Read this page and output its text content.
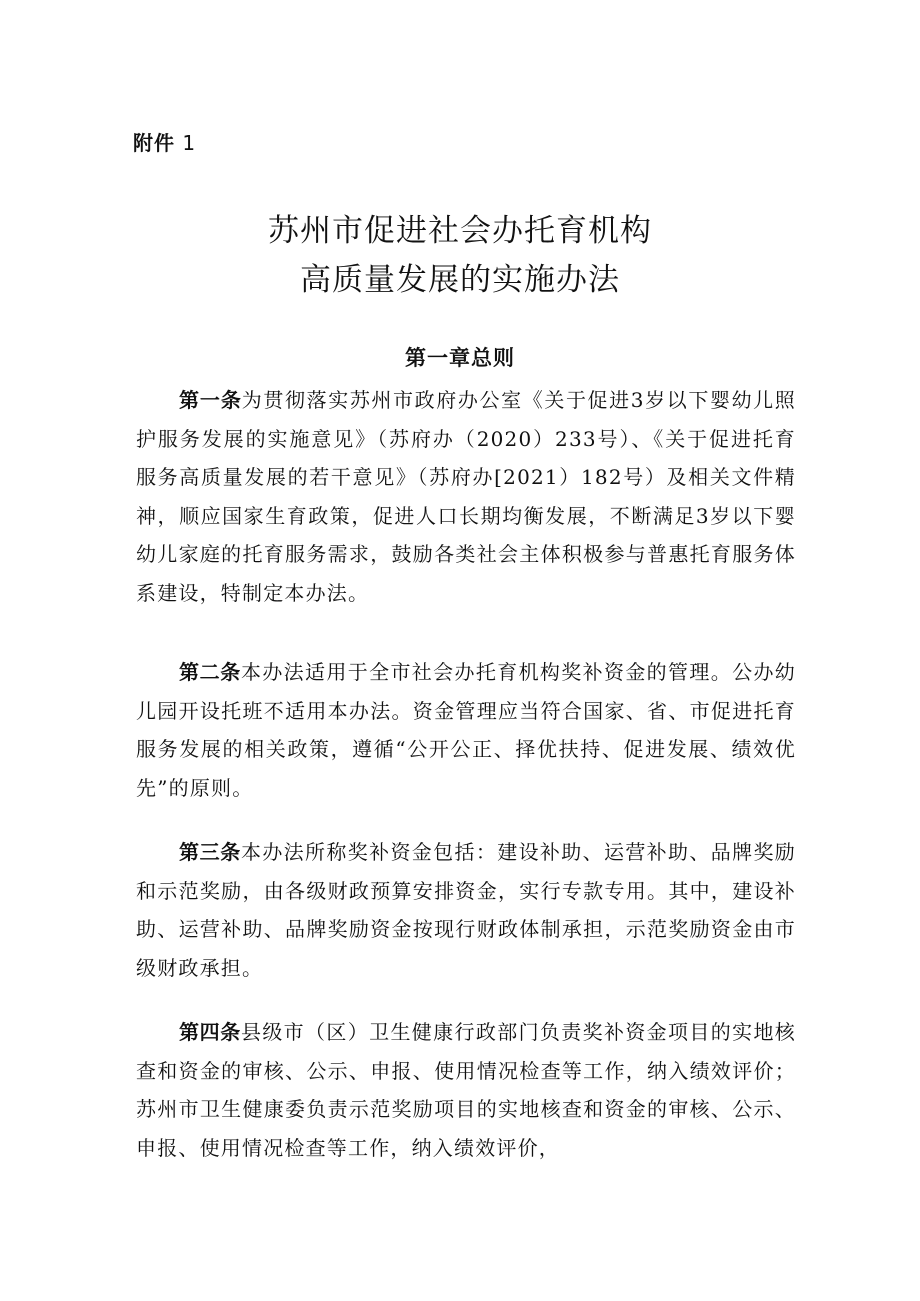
附件 1
苏州市促进社会办托育机构
高质量发展的实施办法
第一章总则

第一条为贯彻落实苏州市政府办公室《关于促进3岁以下婴幼儿照护服务发展的实施意见》（苏府办（2020）233号）、《关于促进托育服务高质量发展的若干意见》（苏府办[2021）182号）及相关文件精神，顺应国家生育政策，促进人口长期均衡发展，不断满足3岁以下婴幼儿家庭的托育服务需求，鼓励各类社会主体积极参与普惠托育服务体系建设，特制定本办法。

第二条本办法适用于全市社会办托育机构奖补资金的管理。公办幼儿园开设托班不适用本办法。资金管理应当符合国家、省、市促进托育服务发展的相关政策，遵循“公开公正、择优扶持、促进发展、绩效优先”的原则。

第三条本办法所称奖补资金包括：建设补助、运营补助、品牌奖励和示范奖励，由各级财政预算安排资金，实行专款专用。其中，建设补助、运营补助、品牌奖励资金按现行财政体制承担，示范奖励资金由市级财政承担。

第四条县级市（区）卫生健康行政部门负责奖补资金项目的实地核查和资金的审核、公示、申报、使用情况检查等工作，纳入绩效评价；苏州市卫生健康委负责示范奖励项目的实地核查和资金的审核、公示、申报、使用情况检查等工作，纳入绩效评价，
